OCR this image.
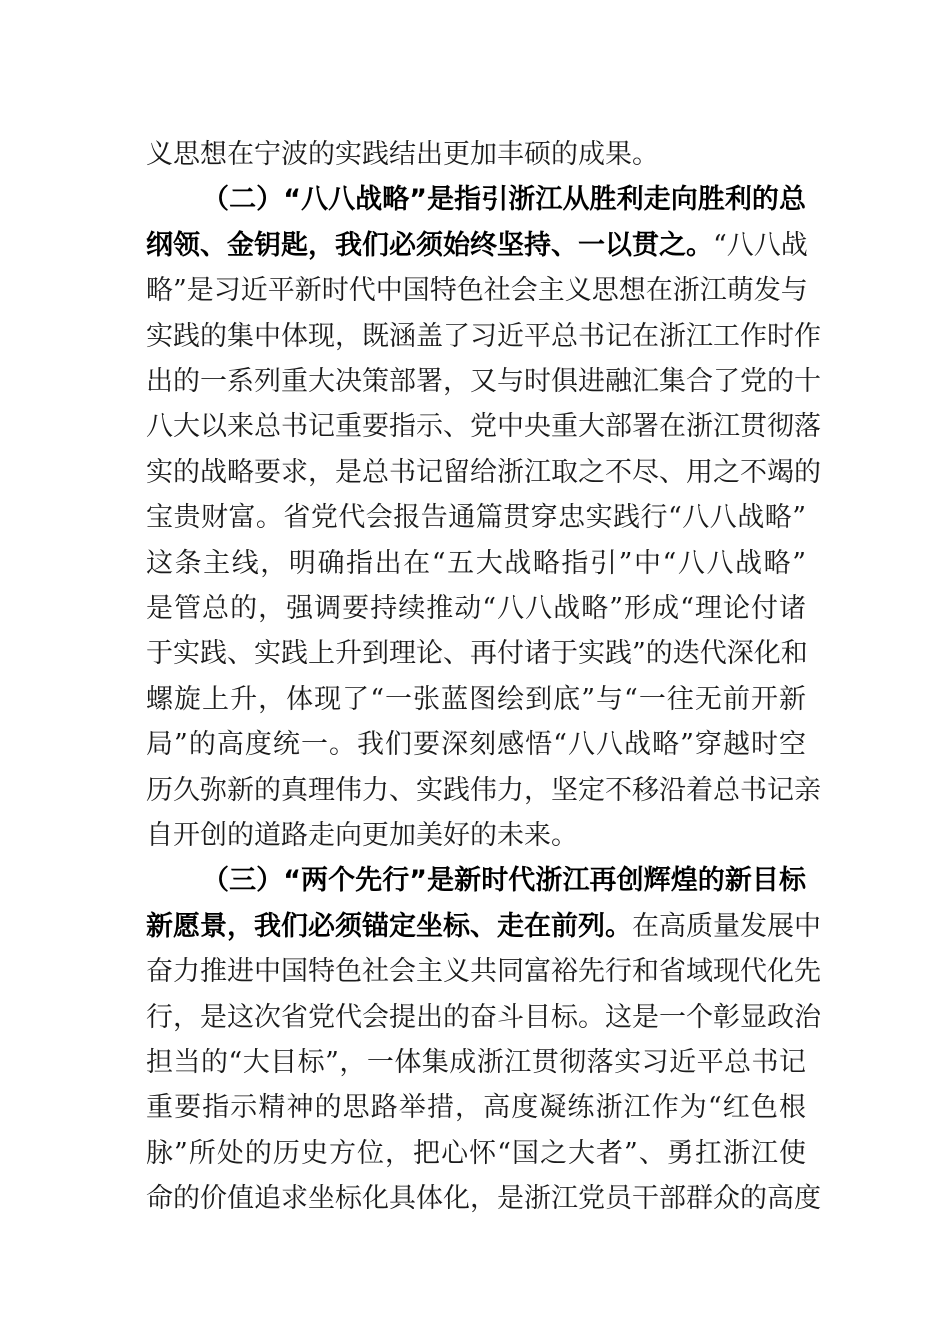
义思想在宁波的实践结出更加丰硕的成果。
（二）“八八战略”是指引浙江从胜利走向胜利的总
纲领、金钥匙，我们必须始终坚持、一以贯之。“八八战
略”是习近平新时代中国特色社会主义思想在浙江萌发与
实践的集中体现，既涵盖了习近平总书记在浙江工作时作
出的一系列重大决策部署，又与时俱进融汇集合了党的十
八大以来总书记重要指示、党中央重大部署在浙江贯彻落
实的战略要求，是总书记留给浙江取之不尽、用之不竭的
宝贵财富。省党代会报告通篇贯穿忠实践行“八八战略”
这条主线，明确指出在“五大战略指引”中“八八战略”
是管总的，强调要持续推动“八八战略”形成“理论付诸
于实践、实践上升到理论、再付诸于实践”的迭代深化和
螺旋上升，体现了“一张蓝图绘到底”与“一往无前开新
局”的高度统一。我们要深刻感悟“八八战略”穿越时空
历久弥新的真理伟力、实践伟力，坚定不移沿着总书记亲
自开创的道路走向更加美好的未来。
（三）“两个先行”是新时代浙江再创辉煌的新目标
新愿景，我们必须锚定坐标、走在前列。在高质量发展中
奋力推进中国特色社会主义共同富裕先行和省域现代化先
行，是这次省党代会提出的奋斗目标。这是一个彰显政治
担当的“大目标”，一体集成浙江贯彻落实习近平总书记
重要指示精神的思路举措，高度凝练浙江作为“红色根
脉”所处的历史方位，把心怀“国之大者”、勇扛浙江使
命的价值追求坐标化具体化，是浙江党员干部群众的高度
